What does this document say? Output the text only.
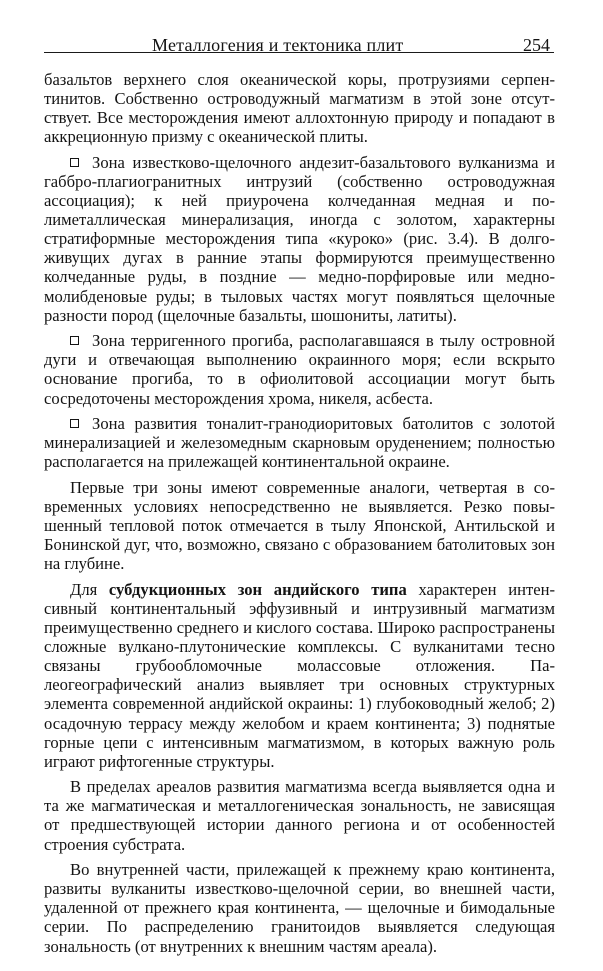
Металлогения и тектоника плит	254

базальтов верхнего слоя океанической коры, протрузиями серпентинитов. Собственно островодужный магматизм в этой зоне отсутствует. Все месторождения имеют аллохтонную природу и попадают в аккреционную призму с океанической плиты.

Зона известково-щелочного андезит-базальтового вулканизма и габбро-плагиогранитных интрузий (собственно островодужная ассоциация); к ней приурочена колчеданная медная и полиметаллическая минерализация, иногда с золотом, характерны стратиформные месторождения типа «куроко» (рис. 3.4). В долгоживущих дугах в ранние этапы формируются преимущественно колчеданные руды, в поздние — медно-порфировые или медномолибденовые руды; в тыловых частях могут появляться щелочные разности пород (щелочные базальты, шошониты, латиты).

Зона терригенного прогиба, располагавшаяся в тылу островной дуги и отвечающая выполнению окраинного моря; если вскрыто основание прогиба, то в офиолитовой ассоциации могут быть сосредоточены месторождения хрома, никеля, асбеста.

Зона развития тоналит-гранодиоритовых батолитов с золотой минерализацией и железомедным скарновым оруденением; полностью располагается на прилежащей континентальной окраине.

Первые три зоны имеют современные аналоги, четвертая в современных условиях непосредственно не выявляется. Резко повышенный тепловой поток отмечается в тылу Японской, Антильской и Бонинской дуг, что, возможно, связано с образованием батолитовых зон на глубине.

Для субдукционных зон андийского типа характерен интенсивный континентальный эффузивный и интрузивный магматизм преимущественно среднего и кислого состава. Широко распространены сложные вулкано-плутонические комплексы. С вулканитами тесно связаны грубообломочные молассовые отложения. Палеогеографический анализ выявляет три основных структурных элемента современной андийской окраины: 1) глубоководный желоб; 2) осадочную террасу между желобом и краем континента; 3) поднятые горные цепи с интенсивным магматизмом, в которых важную роль играют рифтогенные структуры.

В пределах ареалов развития магматизма всегда выявляется одна и та же магматическая и металлогеническая зональность, не зависящая от предшествующей истории данного региона и от особенностей строения субстрата.

Во внутренней части, прилежащей к прежнему краю континента, развиты вулканиты известково-щелочной серии, во внешней части, удаленной от прежнего края континента, — щелочные и бимодальные серии. По распределению гранитоидов выявляется следующая зональность (от внутренних к внешним частям ареала).
